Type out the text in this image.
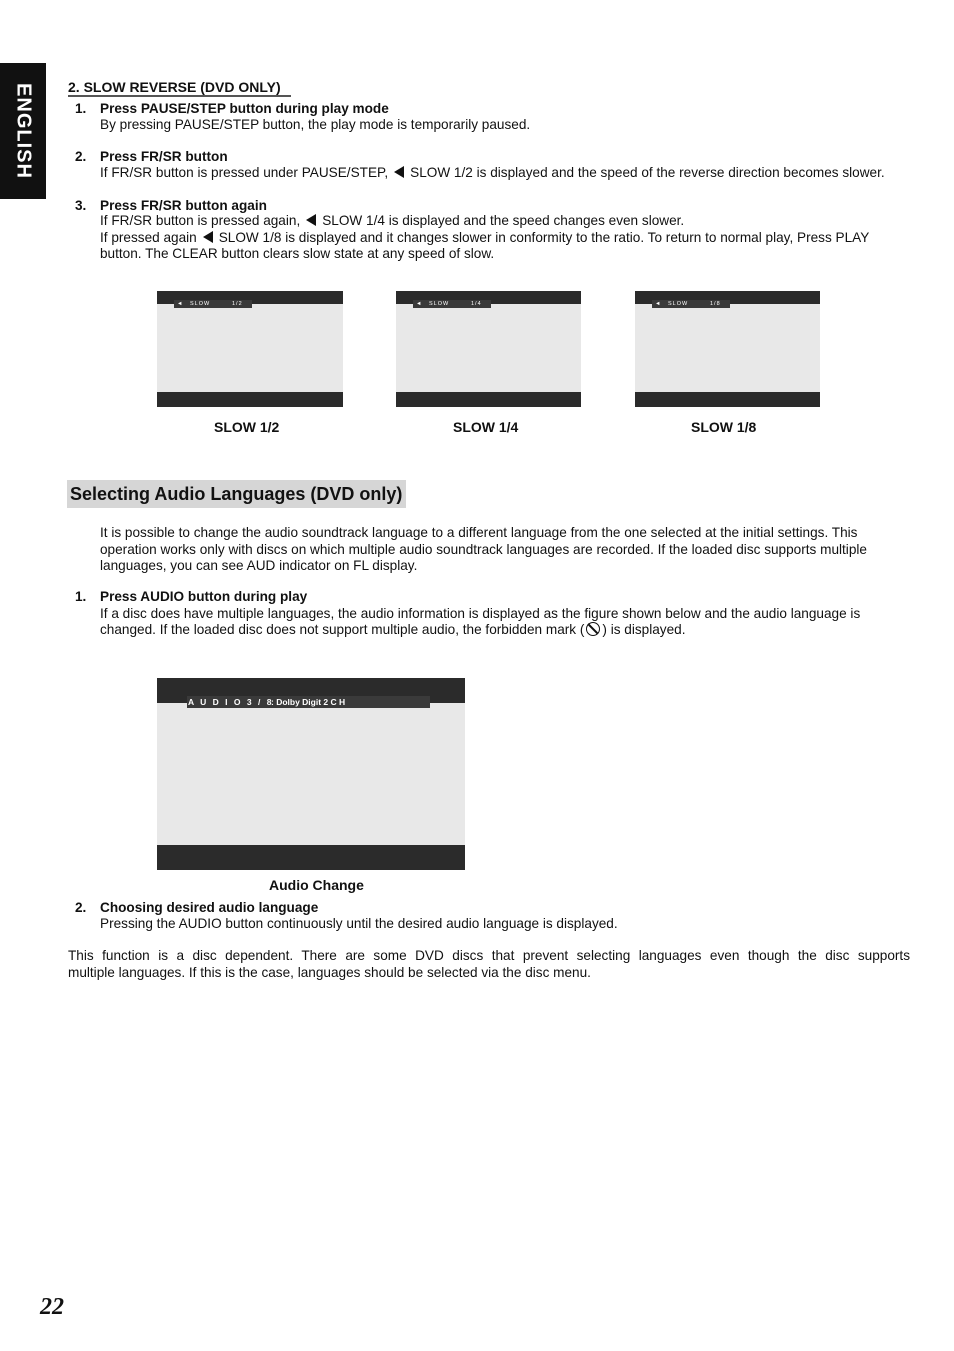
ENGLISH 2. SLOW REVERSE (DVD ONLY)
1. Press PAUSE/STEP button during play mode
By pressing PAUSE/STEP button, the play mode is temporarily paused.
2. Press FR/SR button
If FR/SR button is pressed under PAUSE/STEP, SLOW 1/2 is displayed and the speed of the reverse direction becomes slower.
3. Press FR/SR button again
If FR/SR button is pressed again, SLOW 1/4 is displayed and the speed changes even slower.
If pressed again SLOW 1/8 is displayed and it changes slower in conformity to the ratio. To return to normal play, Press PLAY
button. The CLEAR button clears slow state at any speed of slow.
◄ SLOW	1/2	◄ SLOW	1/4	◄ SLOW	1/8
SLOW 1/2	SLOW 1/4	SLOW 1/8
Selecting Audio Languages (DVD only)
It is possible to change the audio soundtrack language to a different language from the one selected at the initial settings. This
operation works only with discs on which multiple audio soundtrack languages are recorded. If the loaded disc supports multiple
languages, you can see AUD indicator on FL display.
1. Press AUDIO button during play
If a disc does have multiple languages, the audio information is displayed as the figure shown below and the audio language is
changed. If the loaded disc does not support multiple audio, the forbidden mark ( ) is displayed.
A U D I O 3 / 8
: Dolby Digit 2 C H
Audio Change
2. Choosing desired audio language
Pressing the AUDIO button continuously until the desired audio language is displayed.
This function is a disc dependent. There are some DVD discs that prevent selecting languages even though the disc supports
multiple languages. If this is the case, languages should be selected via the disc menu.
22
